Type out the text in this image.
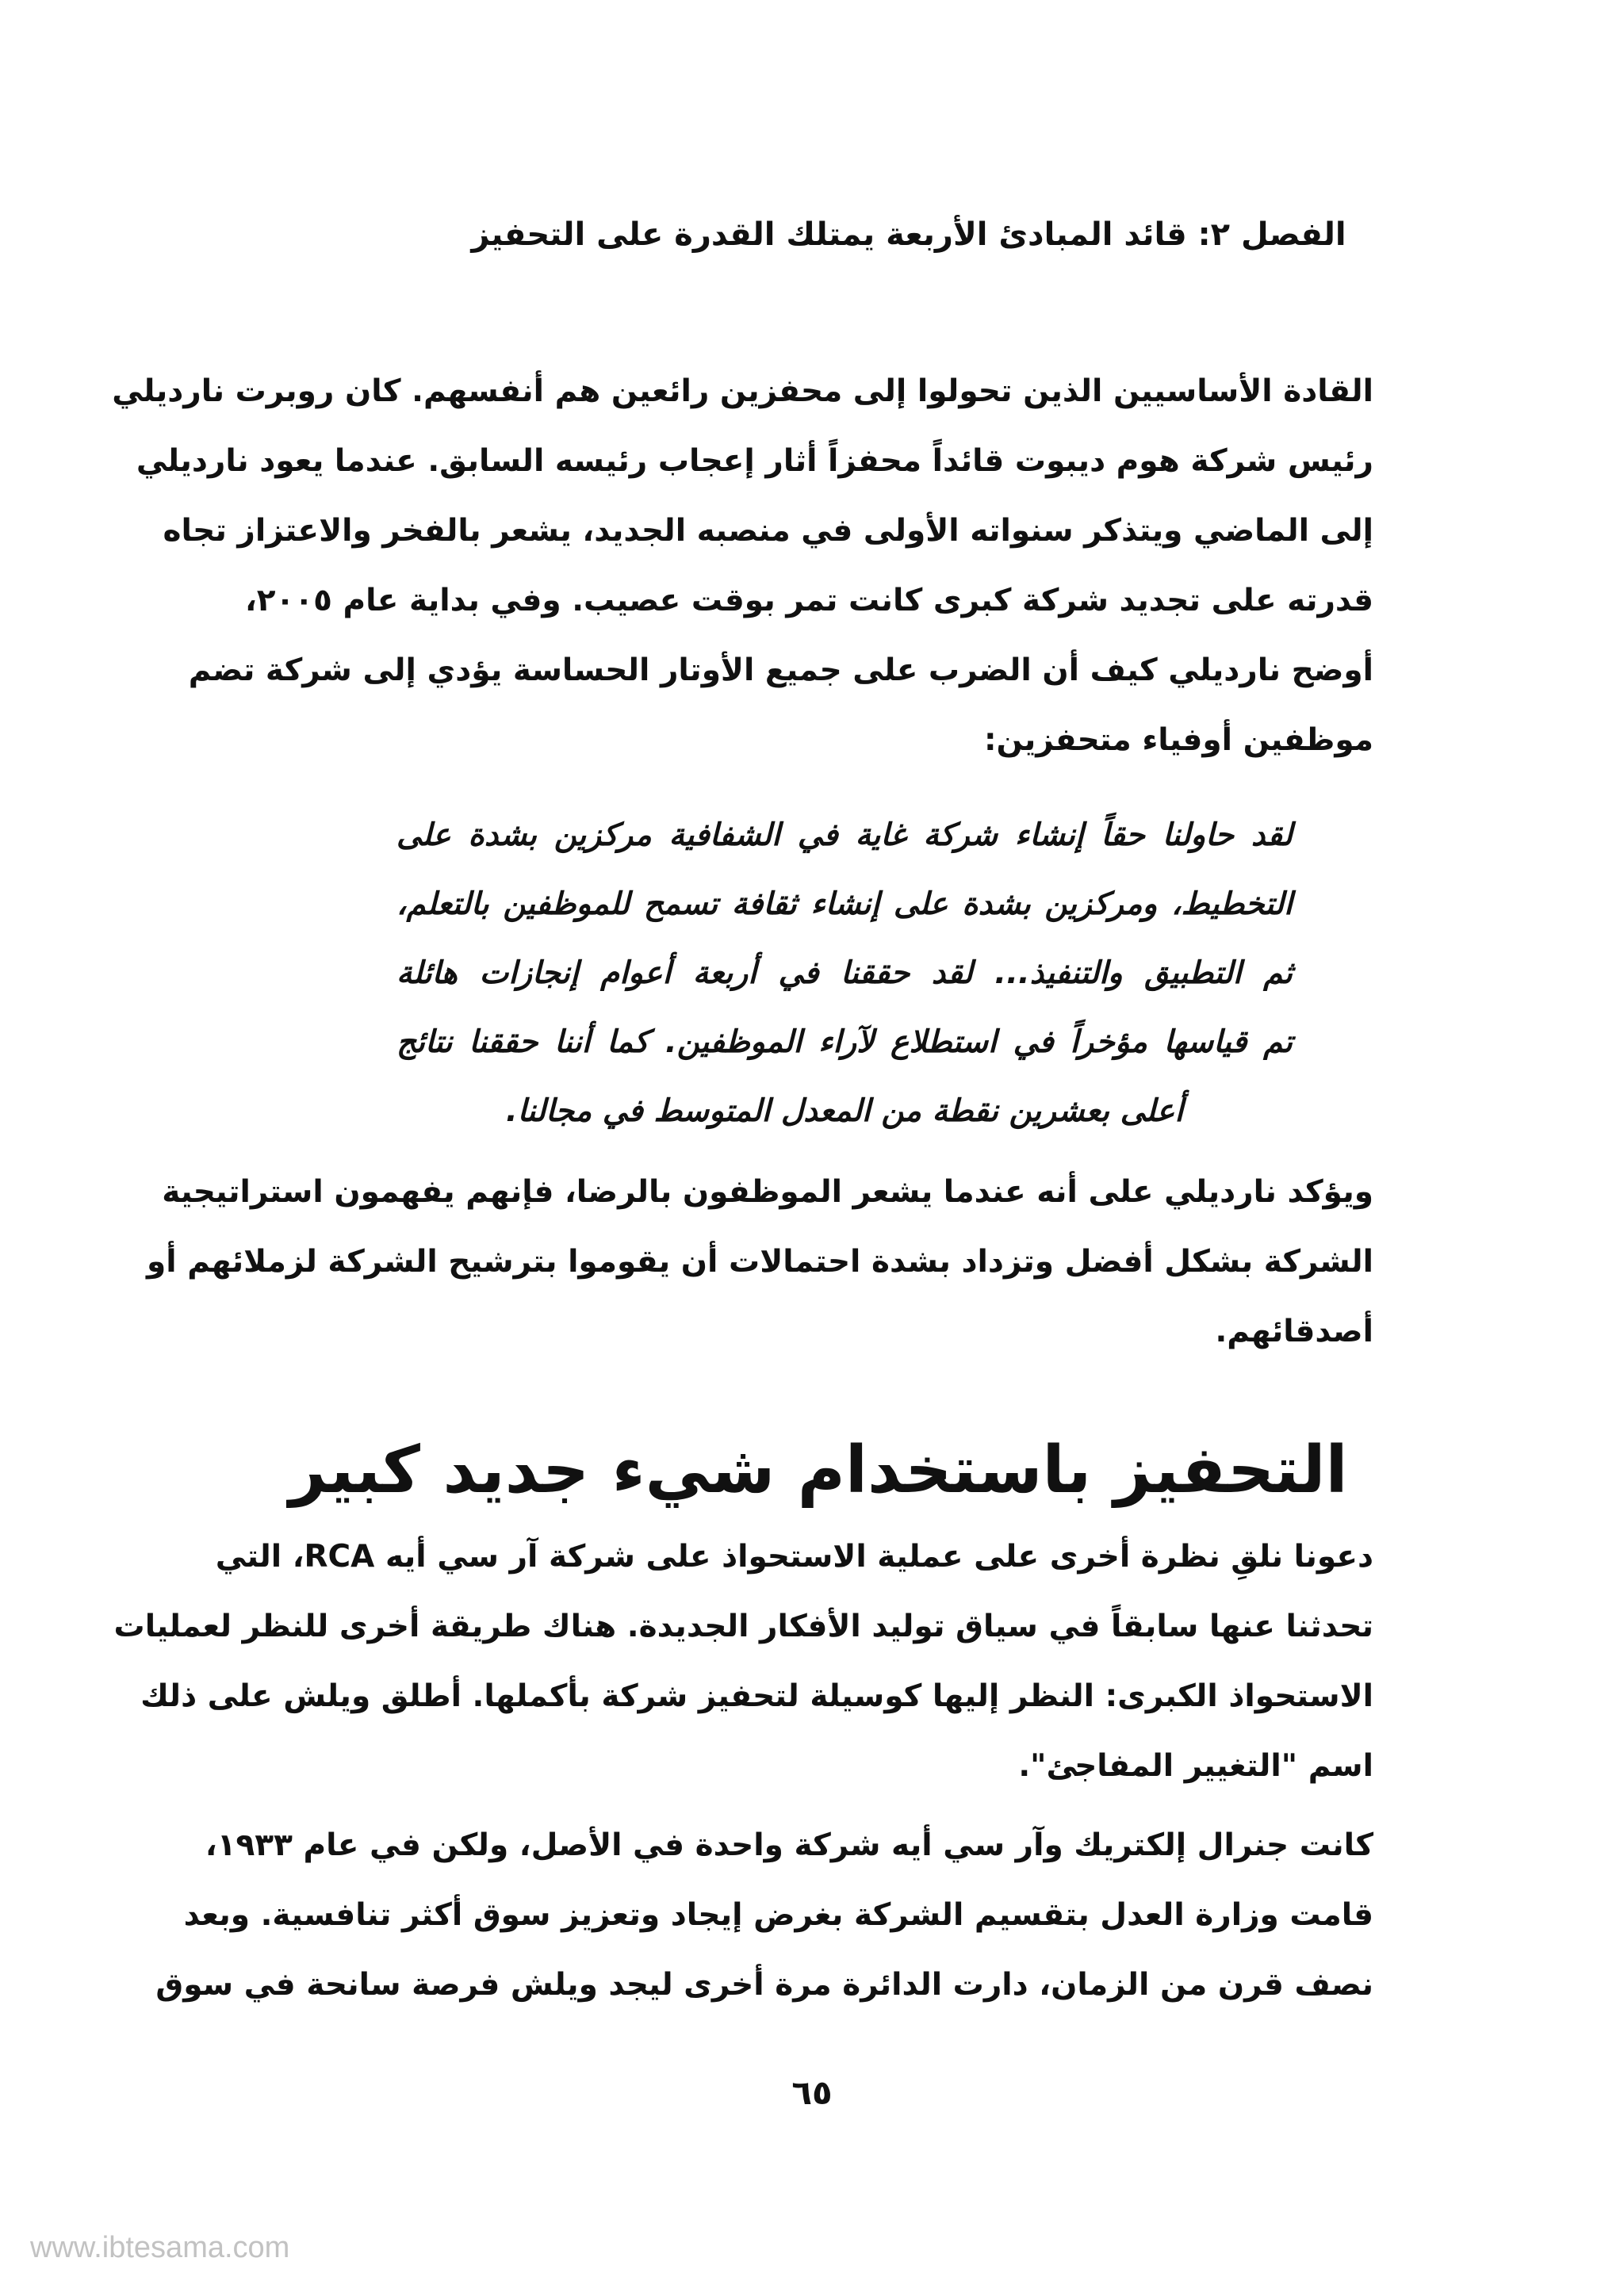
الفصل ٢: قائد المبادئ الأربعة يمتلك القدرة على التحفيز

القادة الأساسيين الذين تحولوا إلى محفزين رائعين هم أنفسهم. كان روبرت نارديلي
رئيس شركة هوم ديبوت قائداً محفزاً أثار إعجاب رئيسه السابق. عندما يعود نارديلي
إلى الماضي ويتذكر سنواته الأولى في منصبه الجديد، يشعر بالفخر والاعتزاز تجاه
قدرته على تجديد شركة كبرى كانت تمر بوقت عصيب. وفي بداية عام ٢٠٠٥،
أوضح ناردیلي كيف أن الضرب على جميع الأوتار الحساسة يؤدي إلى شركة تضم
موظفين أوفياء متحفزين:

لقد حاولنا حقاً إنشاء شركة غاية في الشفافية مركزين بشدة على
التخطيط، ومركزين بشدة على إنشاء ثقافة تسمح للموظفين بالتعلم،
ثم التطبيق والتنفيذ... لقد حققنا في أربعة أعوام إنجازات هائلة
تم قياسها مؤخراً في استطلاع لآراء الموظفين. كما أننا حققنا نتائج
أعلى بعشرين نقطة من المعدل المتوسط في مجالنا.

ويؤكد ناردیلي على أنه عندما يشعر الموظفون بالرضا، فإنهم يفهمون استراتيجية
الشركة بشكل أفضل وتزداد بشدة احتمالات أن يقوموا بترشيح الشركة لزملائهم أو
أصدقائهم.

التحفيز باستخدام شيء جديد كبير

دعونا نلقِ نظرة أخرى على عملية الاستحواذ على شركة آر سي أيه RCA، التي
تحدثنا عنها سابقاً في سياق توليد الأفكار الجديدة. هناك طريقة أخرى للنظر لعمليات
الاستحواذ الكبرى: النظر إليها كوسيلة لتحفيز شركة بأكملها. أطلق ويلش على ذلك
اسم "التغيير المفاجئ".

كانت جنرال إلكتريك وآر سي أيه شركة واحدة في الأصل، ولكن في عام ١٩٣٣،
قامت وزارة العدل بتقسيم الشركة بغرض إيجاد وتعزيز سوق أكثر تنافسية. وبعد
نصف قرن من الزمان، دارت الدائرة مرة أخرى ليجد ويلش فرصة سانحة في سوق

٦٥
www.ibtesama.com
